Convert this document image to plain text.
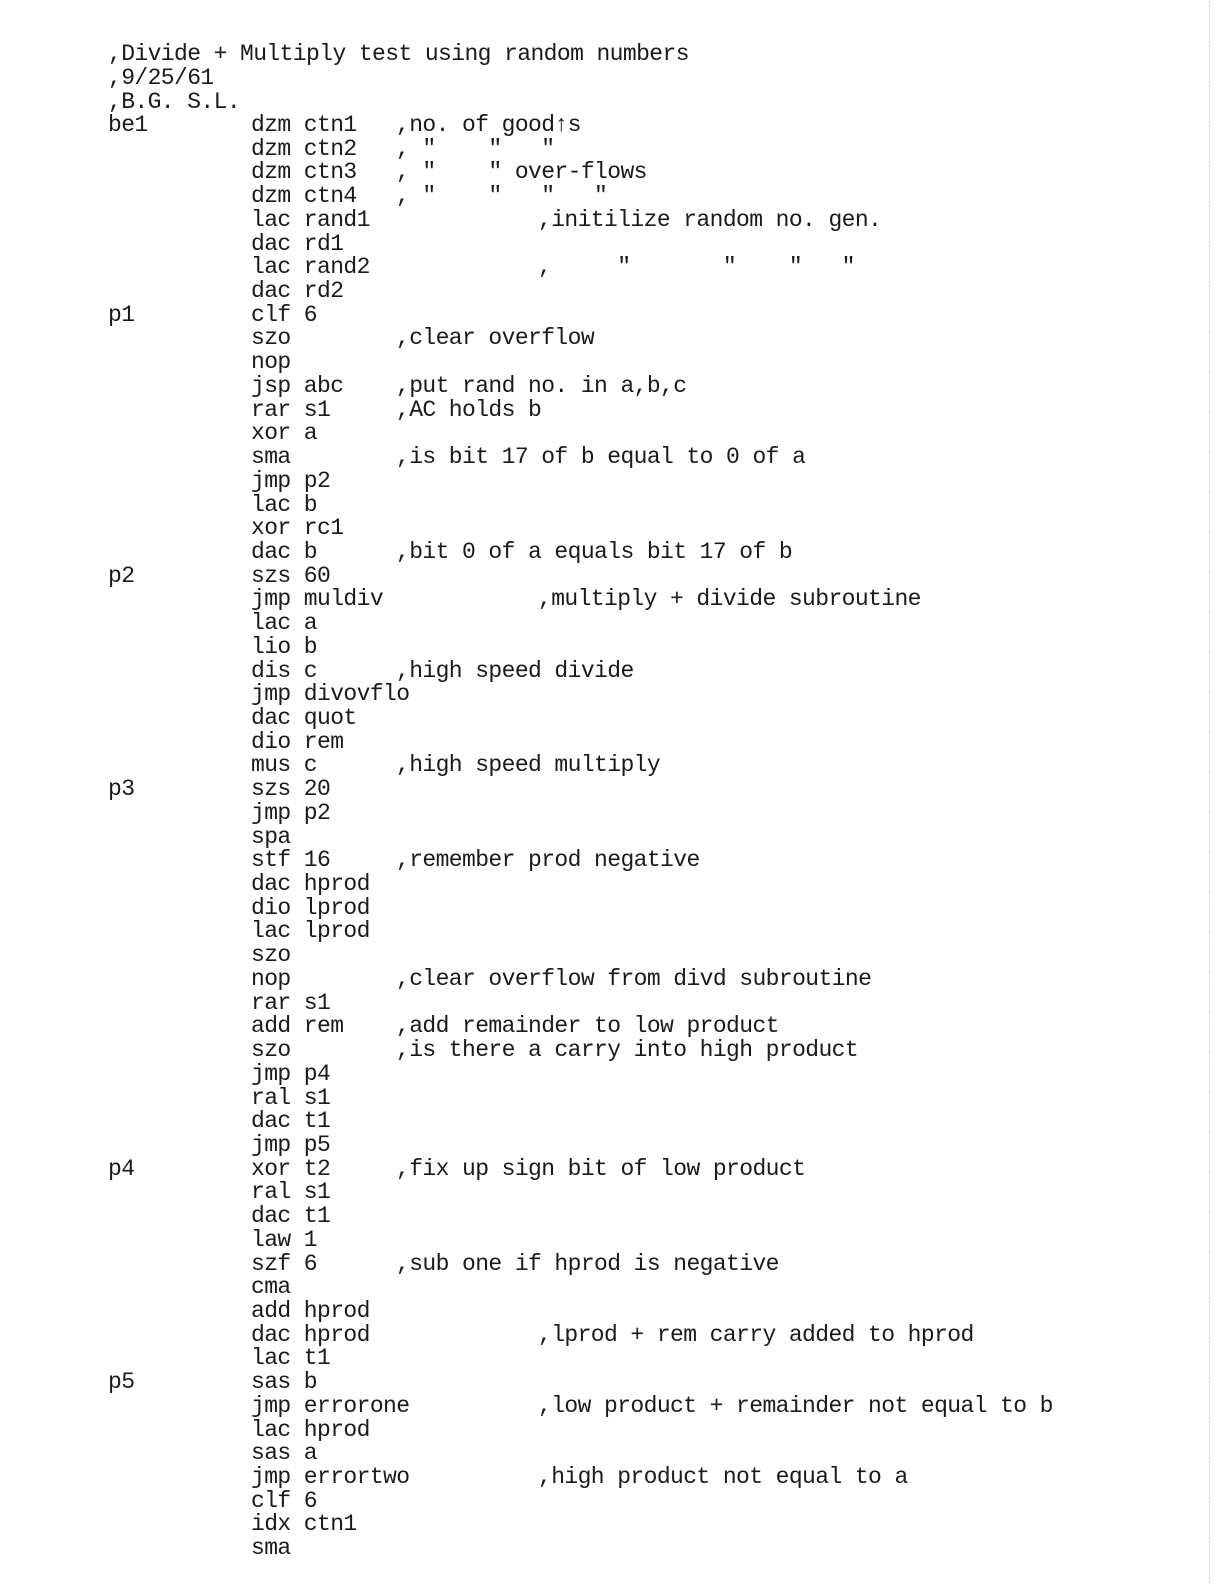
,Divide + Multiply test using random numbers
,9/25/61
,B.G. S.L.
be1	dzm ctn1 ,no. of good↑s
dzm ctn2 , "    "   "
dzm ctn3 , "    " over-flows
dzm ctn4 , "    "   "   "
lac rand1	,initilize random no. gen.
dac rd1
lac rand2	,     "       "    "   "
dac rd2
p1	clf 6
szo	,clear overflow
nop
jsp abc ,put rand no. in a,b,c
rar s1	,AC holds b
xor a
sma	,is bit 17 of b equal to 0 of a
jmp p2
lac b
xor rc1
dac b	,bit 0 of a equals bit 17 of b
p2	szs 60
jmp muldiv	,multiply + divide subroutine
lac a
lio b
dis c	,high speed divide
jmp divovflo
dac quot
dio rem
mus c	,high speed multiply
p3	szs 20
jmp p2
spa
stf 16	,remember prod negative
dac hprod
dio lprod
lac lprod
szo
nop	,clear overflow from divd subroutine
rar s1
add rem ,add remainder to low product
szo	,is there a carry into high product
jmp p4
ral s1
dac t1
jmp p5
p4	xor t2	,fix up sign bit of low product
ral s1
dac t1
law 1
szf 6	,sub one if hprod is negative
cma
add hprod
dac hprod	,lprod + rem carry added to hprod
lac t1
p5	sas b
jmp errorone	,low product + remainder not equal to b
lac hprod
sas a
jmp errortwo	,high product not equal to a
clf 6
idx ctn1
sma
